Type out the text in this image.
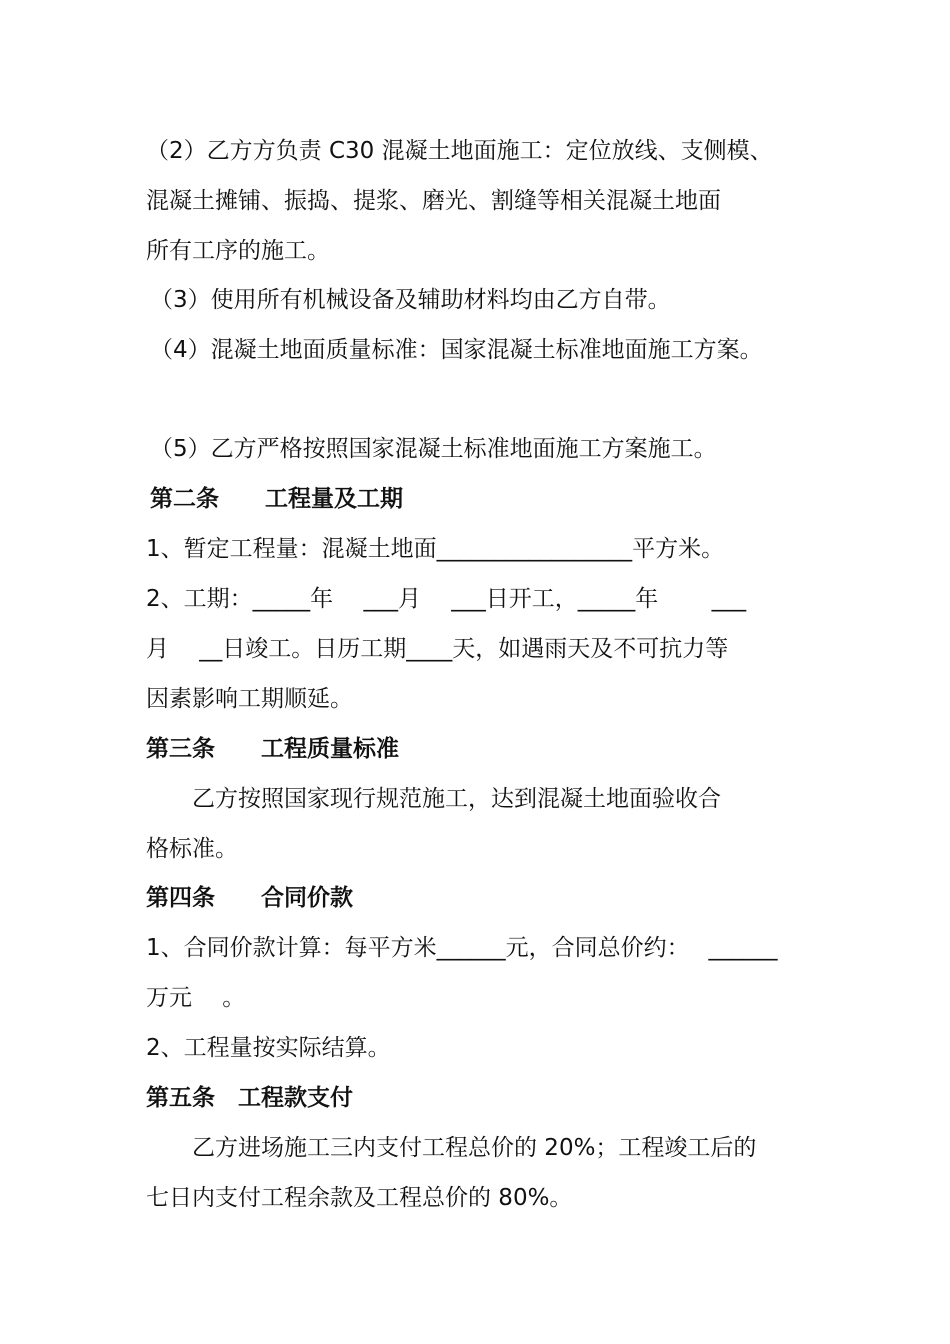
（2）乙方方负责 C30 混凝土地面施工：定位放线、支侧模、

混凝土摊铺、振捣、提浆、磨光、割缝等相关混凝土地面

所有工序的施工。

（3）使用所有机械设备及辅助材料均由乙方自带。

（4）混凝土地面质量标准：国家混凝土标准地面施工方案。

（5）乙方严格按照国家混凝土标准地面施工方案施工。

第二条　　工程量及工期

1、暂定工程量：混凝土地面_________________平方米。

2、工期：_____年　 ___月　 ___日开工，_____年　　 ___

月　 __日竣工。日历工期____天，如遇雨天及不可抗力等

因素影响工期顺延。

第三条　　工程质量标准

　　乙方按照国家现行规范施工，达到混凝土地面验收合

格标准。

第四条　　合同价款

1、合同价款计算：每平方米______元，合同总价约：　 ______

万元　 。

2、工程量按实际结算。

第五条　工程款支付

　　乙方进场施工三内支付工程总价的 20%；工程竣工后的

七日内支付工程余款及工程总价的 80%。
